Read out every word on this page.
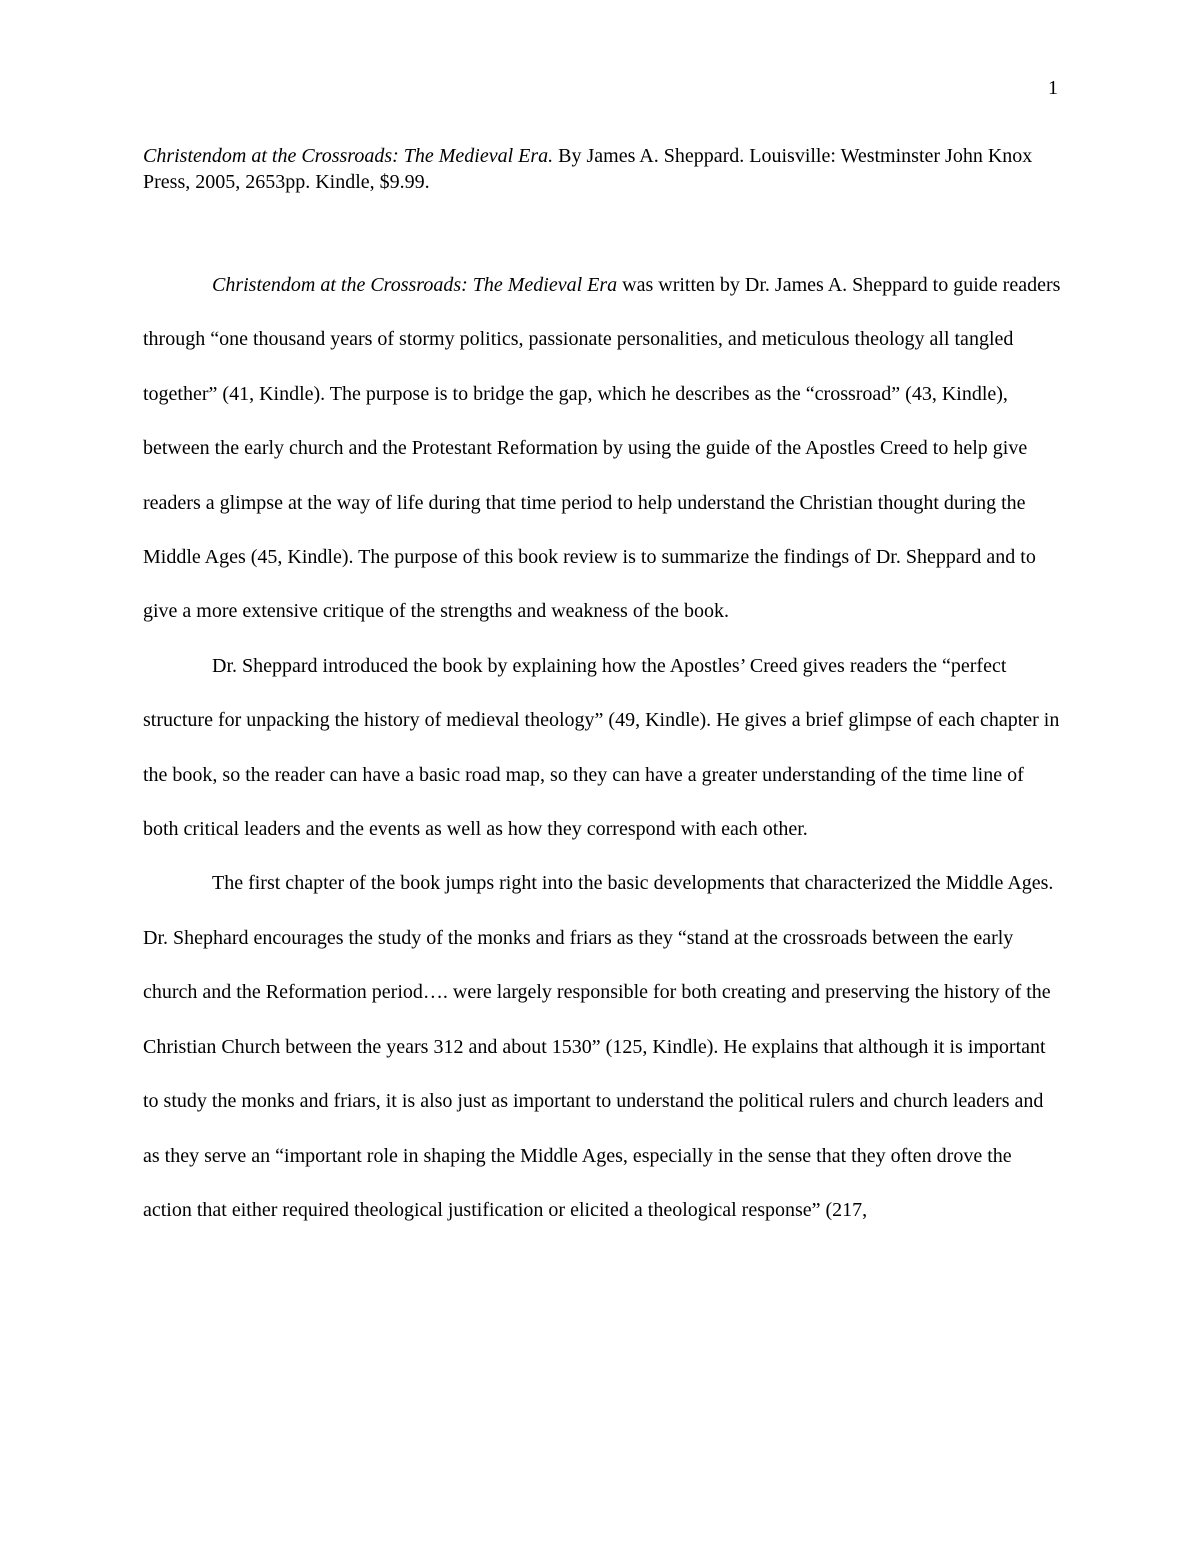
1
Christendom at the Crossroads: The Medieval Era. By James A. Sheppard. Louisville: Westminster John Knox Press, 2005, 2653pp. Kindle, $9.99.

Christendom at the Crossroads: The Medieval Era was written by Dr. James A. Sheppard to guide readers through “one thousand years of stormy politics, passionate personalities, and meticulous theology all tangled together” (41, Kindle). The purpose is to bridge the gap, which he describes as the “crossroad” (43, Kindle), between the early church and the Protestant Reformation by using the guide of the Apostles Creed to help give readers a glimpse at the way of life during that time period to help understand the Christian thought during the Middle Ages (45, Kindle). The purpose of this book review is to summarize the findings of Dr. Sheppard and to give a more extensive critique of the strengths and weakness of the book.

Dr. Sheppard introduced the book by explaining how the Apostles’ Creed gives readers the “perfect structure for unpacking the history of medieval theology” (49, Kindle). He gives a brief glimpse of each chapter in the book, so the reader can have a basic road map, so they can have a greater understanding of the time line of both critical leaders and the events as well as how they correspond with each other.

The first chapter of the book jumps right into the basic developments that characterized the Middle Ages. Dr. Shephard encourages the study of the monks and friars as they “stand at the crossroads between the early church and the Reformation period…. were largely responsible for both creating and preserving the history of the Christian Church between the years 312 and about 1530” (125, Kindle). He explains that although it is important to study the monks and friars, it is also just as important to understand the political rulers and church leaders and as they serve an “important role in shaping the Middle Ages, especially in the sense that they often drove the action that either required theological justification or elicited a theological response” (217,
